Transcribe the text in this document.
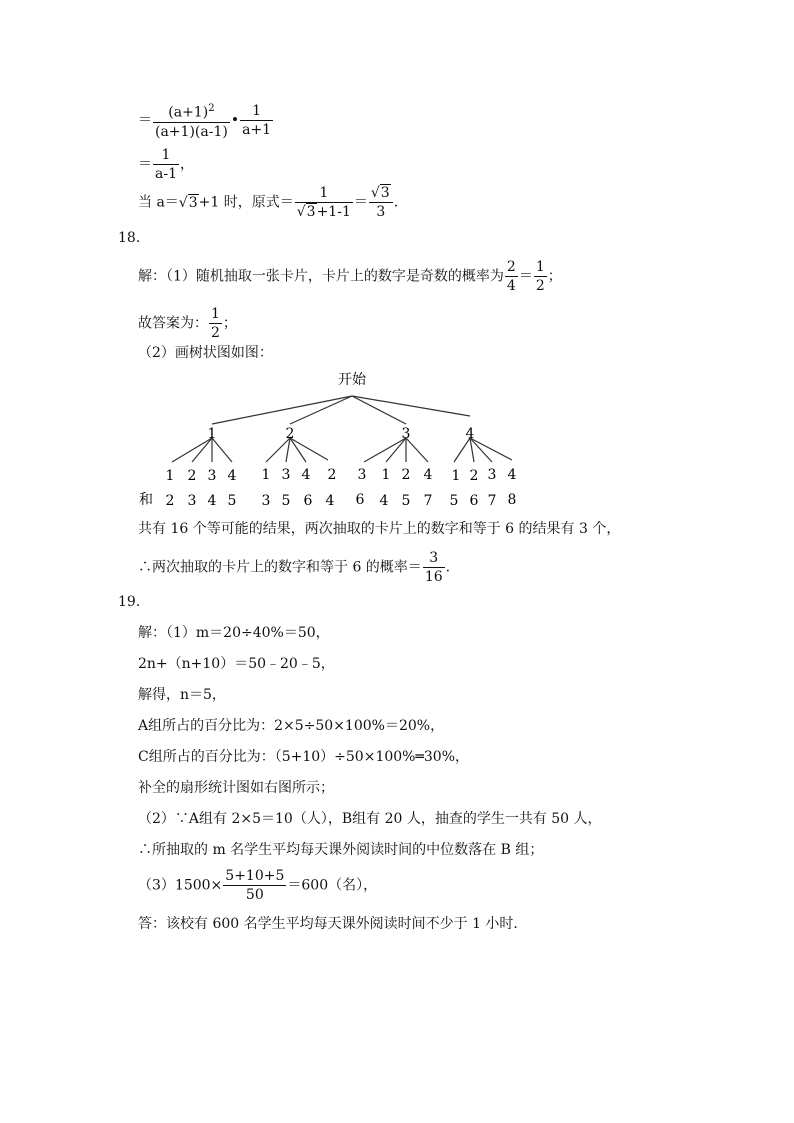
＝ $\frac{(a+1)^2}{(a+1)(a-1)}$ • $\frac{1}{a+1}$
＝ $\frac{1}{a-1}$ ，
当 a＝√3+1 时，原式＝ $\frac{1}{√3+1-1} = \frac{√3}{3}$ .
18.
解：（1）随机抽取一张卡片，卡片上的数字是奇数的概率为 $\frac{2}{4} = \frac{1}{2}$ ；
故答案为： $\frac{1}{2}$ ；
（2）画树状图如图：
开始
1	2	3	4
1 2 3 4 1 3 4 2 3 1 2 4 1 2 3 4
和 2 3 4 5 3 5 6 4 6 4 5 7 5 6 7 8
共有 16 个等可能的结果，两次抽取的卡片上的数字和等于 6 的结果有 3 个，
∴两次抽取的卡片上的数字和等于 6 的概率＝ $\frac{3}{16}$ .
19.
解：（1）m＝20÷40%＝50，
2n+（n+10）＝50﹣20﹣5，
解得，n＝5，
A组所占的百分比为：2×5÷50×100%＝20%，
C组所占的百分比为：（5+10）÷50×100%═30%，
补全的扇形统计图如右图所示；
（2）∵A组有 2×5＝10（人），B组有 20 人，抽查的学生一共有 50 人，
∴所抽取的 m 名学生平均每天课外阅读时间的中位数落在 B 组；
$(3)1500\times \frac{5+10+5}{50} =600$（名），
答：该校有 600 名学生平均每天课外阅读时间不少于 1 小时．
